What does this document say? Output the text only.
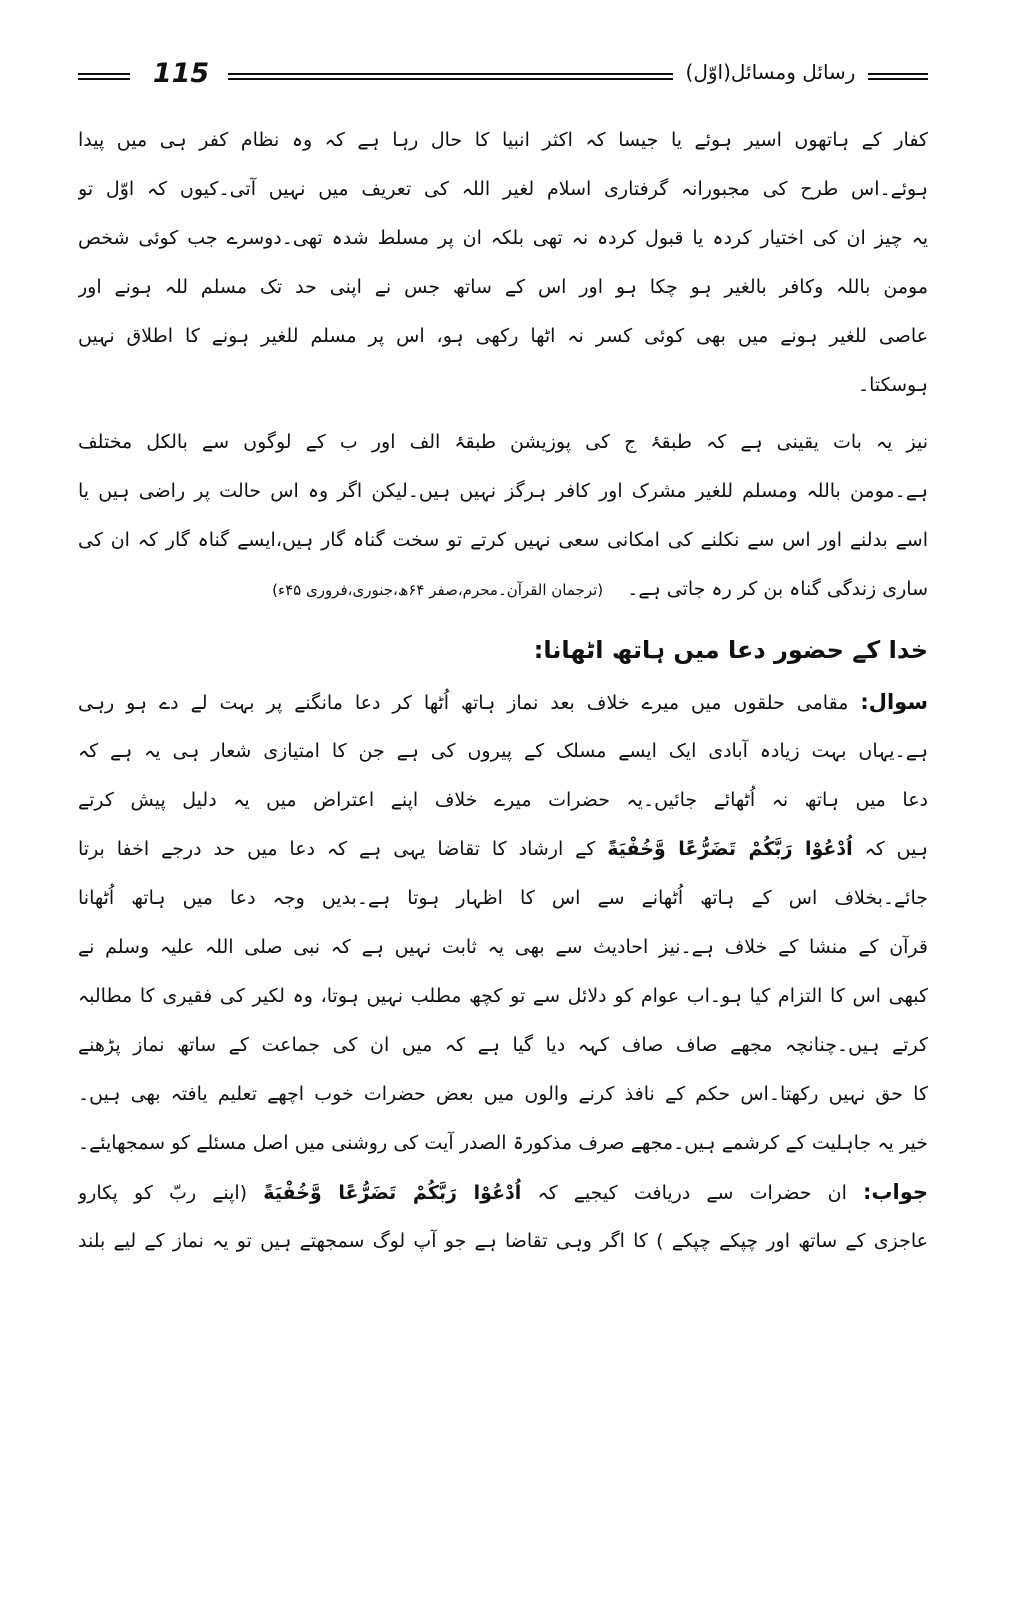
115	رسائل ومسائل(اوّل)
کفار کے ہاتھوں اسیر ہوئے یا جیسا کہ اکثر انبیا کا حال رہا ہے کہ وہ نظام کفر ہی میں پیدا
ہوئے۔اس طرح کی مجبورانہ گرفتاری اسلام لغیر اللہ کی تعریف میں نہیں آتی۔کیوں کہ اوّل تو
یہ چیز ان کی اختیار کردہ یا قبول کردہ نہ تھی بلکہ ان پر مسلط شدہ تھی۔دوسرے جب کوئی شخص
مومن باللہ وکافر بالغیر ہو چکا ہو اور اس کے ساتھ جس نے اپنی حد تک مسلم للہ ہونے اور
عاصی للغیر ہونے میں بھی کوئی کسر نہ اٹھا رکھی ہو، اس پر مسلم للغیر ہونے کا اطلاق نہیں
ہوسکتا۔
نیز یہ بات یقینی ہے کہ طبقۂ ج کی پوزیشن طبقۂ الف اور ب کے لوگوں سے بالکل مختلف
ہے۔مومن باللہ ومسلم للغیر مشرک اور کافر ہرگز نہیں ہیں۔لیکن اگر وہ اس حالت پر راضی ہیں یا
اسے بدلنے اور اس سے نکلنے کی امکانی سعی نہیں کرتے تو سخت گناہ گار ہیں،ایسے گناہ گار کہ ان کی
ساری زندگی گناہ بن کر رہ جاتی ہے۔    (ترجمان القرآن۔محرم،صفر ۶۴ھ،جنوری،فروری ۴۵ء)
خدا کے حضور دعا میں ہاتھ اٹھانا:
سوال: مقامی حلقوں میں میرے خلاف بعد نماز ہاتھ اُٹھا کر دعا مانگنے پر بہت لے دے ہو رہی
ہے۔یہاں بہت زیادہ آبادی ایک ایسے مسلک کے پیروں کی ہے جن کا امتیازی شعار ہی یہ ہے کہ
دعا میں ہاتھ نہ اُٹھائے جائیں۔یہ حضرات میرے خلاف اپنے اعتراض میں یہ دلیل پیش کرتے
ہیں کہ اُدْعُوْا رَبَّكُمْ تَضَرُّعًا وَّخُفْيَةً کے ارشاد کا تقاضا یہی ہے کہ دعا میں حد درجے اخفا برتا
جائے۔بخلاف اس کے ہاتھ اُٹھانے سے اس کا اظہار ہوتا ہے۔بدیں وجہ دعا میں ہاتھ اُٹھانا
قرآن کے منشا کے خلاف ہے۔نیز احادیث سے بھی یہ ثابت نہیں ہے کہ نبی صلی اللہ علیہ وسلم نے
کبھی اس کا التزام کیا ہو۔اب عوام کو دلائل سے تو کچھ مطلب نہیں ہوتا، وہ لکیر کی فقیری کا مطالبہ
کرتے ہیں۔چنانچہ مجھے صاف صاف کہہ دیا گیا ہے کہ میں ان کی جماعت کے ساتھ نماز پڑھنے
کا حق نہیں رکھتا۔اس حکم کے نافذ کرنے والوں میں بعض حضرات خوب اچھے تعلیم یافتہ بھی ہیں۔
خیر یہ جاہلیت کے کرشمے ہیں۔مجھے صرف مذکورۃ الصدر آیت کی روشنی میں اصل مسئلے کو سمجھایئے۔
جواب: ان حضرات سے دریافت کیجیے کہ اُدْعُوْا رَبَّكُمْ تَضَرُّعًا وَّخُفْيَةً (اپنے ربّ کو پکارو
عاجزی کے ساتھ اور چپکے چپکے ) کا اگر وہی تقاضا ہے جو آپ لوگ سمجھتے ہیں تو یہ نماز کے لیے بلند
